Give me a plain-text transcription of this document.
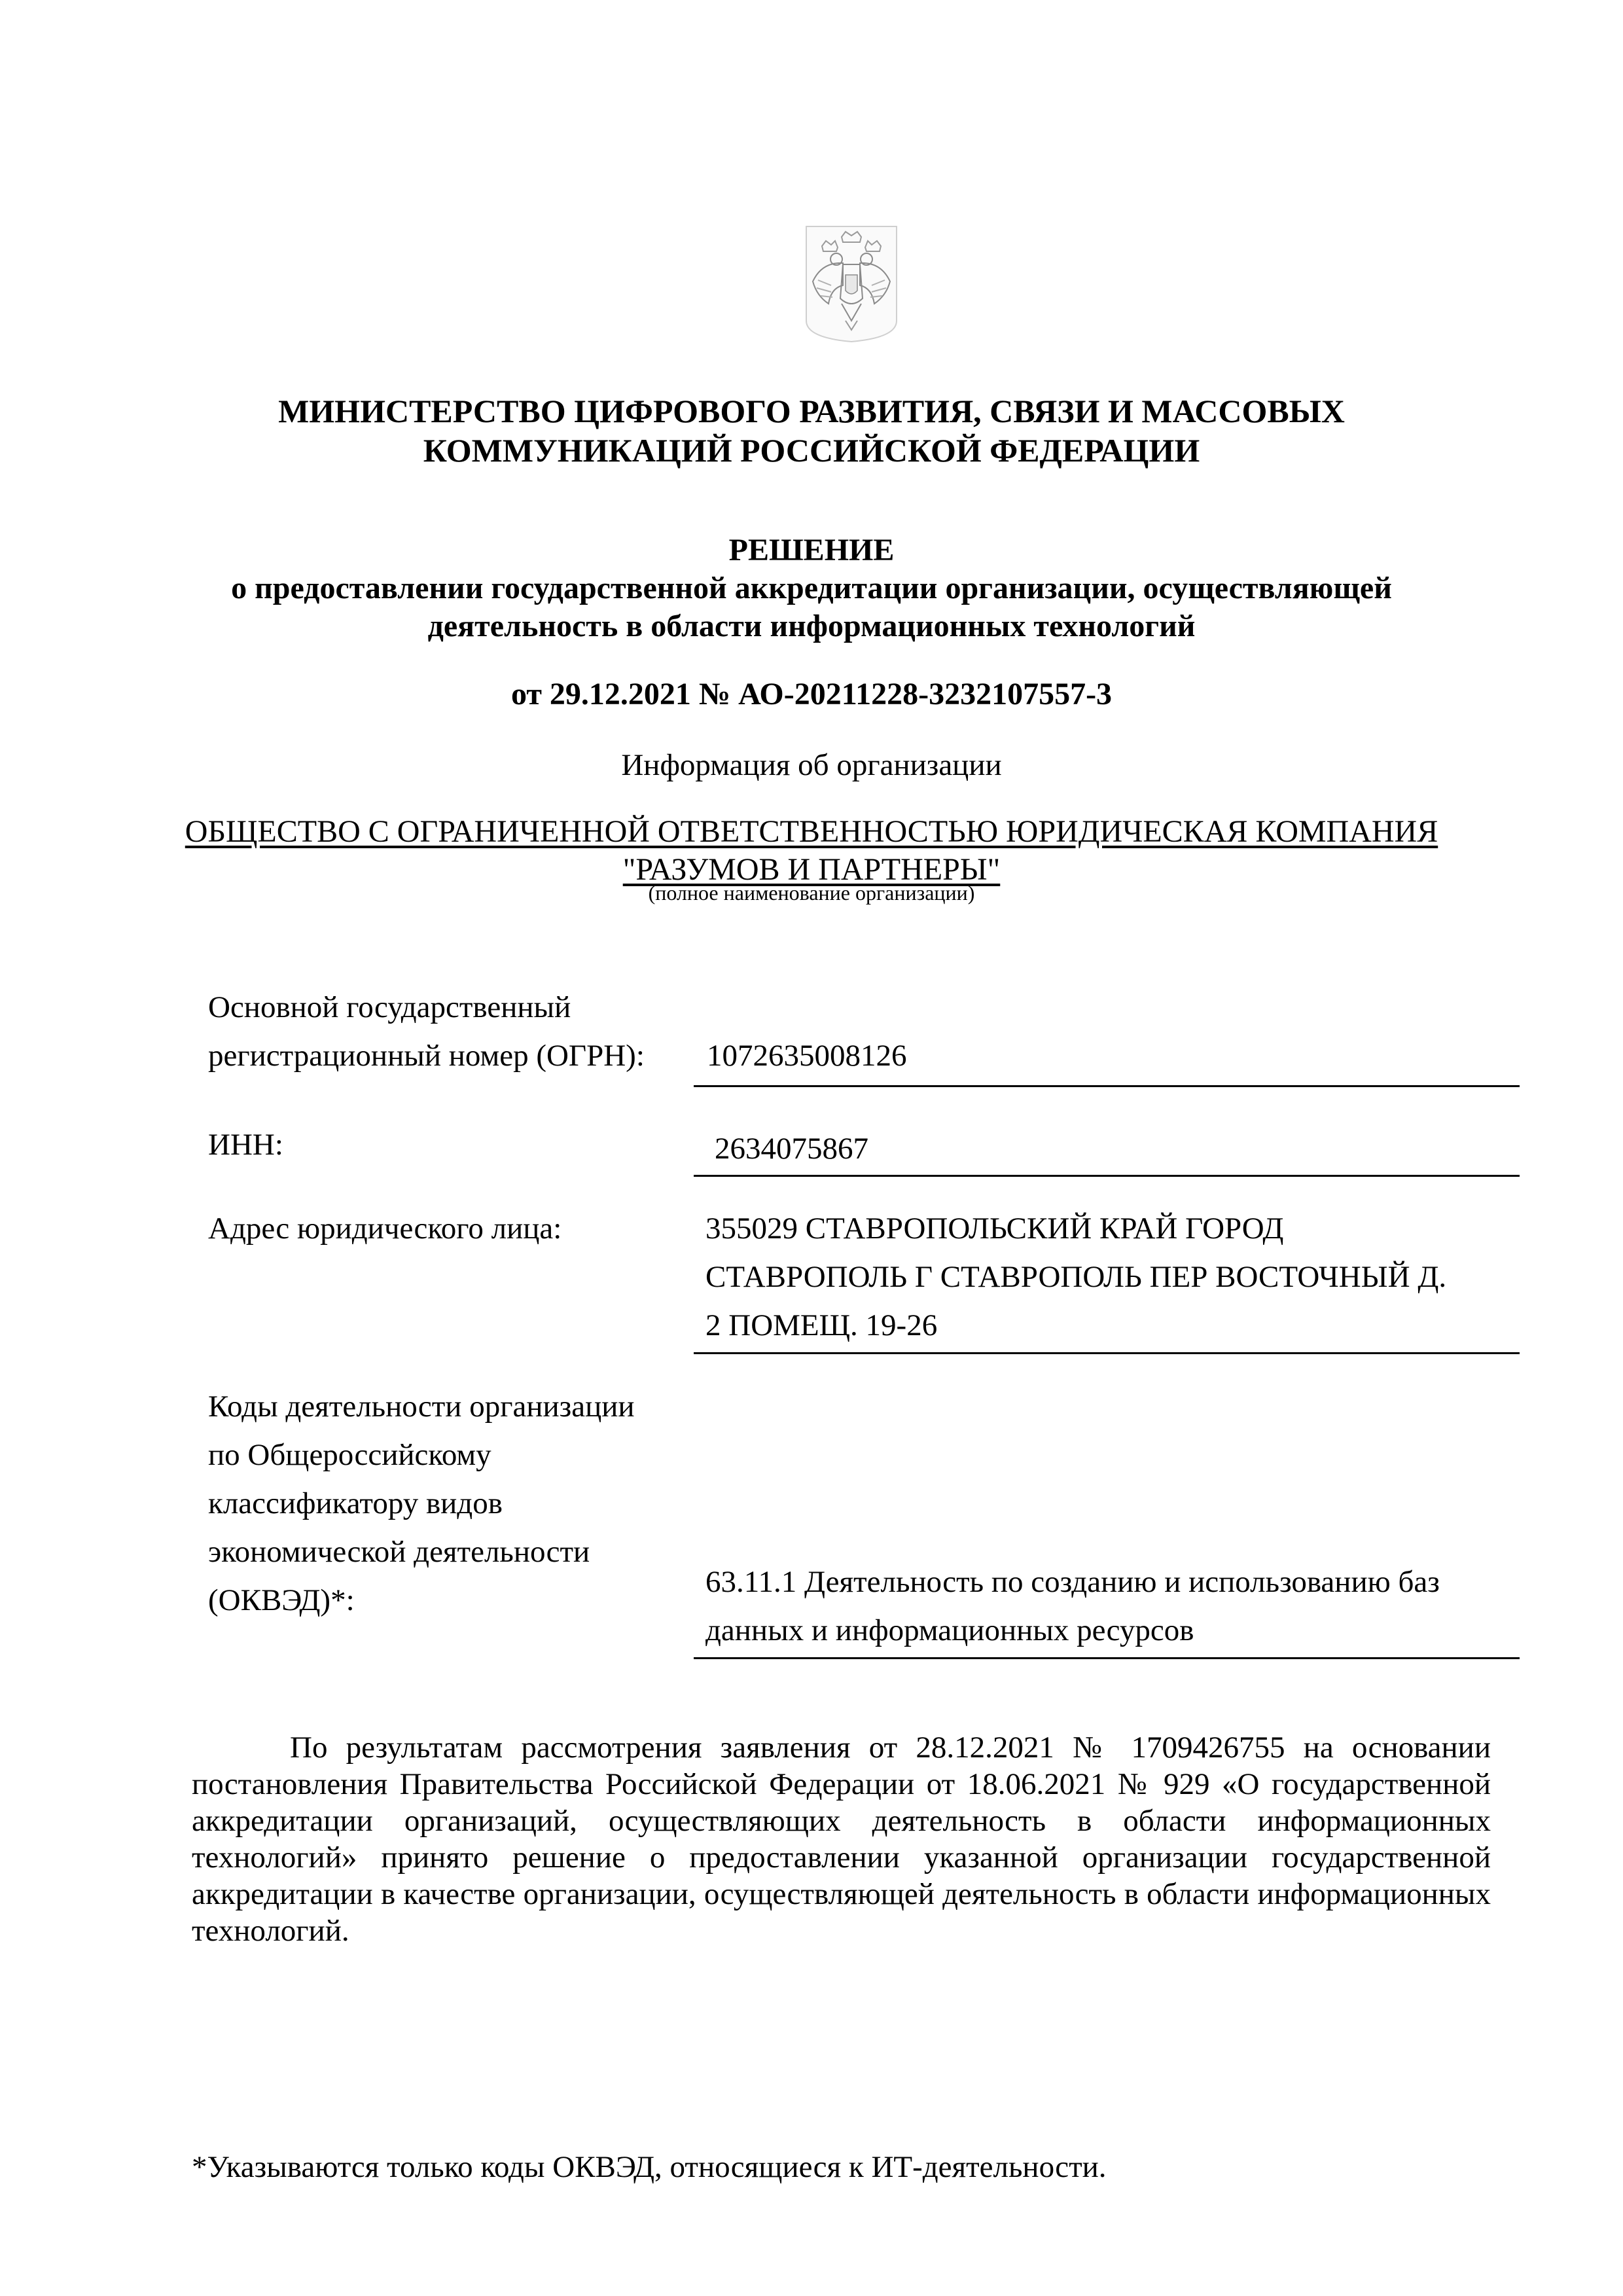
МИНИСТЕРСТВО ЦИФРОВОГО РАЗВИТИЯ, СВЯЗИ И МАССОВЫХ
КОММУНИКАЦИЙ РОССИЙСКОЙ ФЕДЕРАЦИИ
РЕШЕНИЕ
о предоставлении государственной аккредитации организации, осуществляющей
деятельность в области информационных технологий
от 29.12.2021 № АО-20211228-3232107557-3
Информация об организации
ОБЩЕСТВО С ОГРАНИЧЕННОЙ ОТВЕТСТВЕННОСТЬЮ ЮРИДИЧЕСКАЯ КОМПАНИЯ
"РАЗУМОВ И ПАРТНЕРЫ"
(полное наименование организации)
Основной государственный
регистрационный номер (ОГРН): 1072635008126
ИНН:	2634075867
Адрес юридического лица:	355029 СТАВРОПОЛЬСКИЙ КРАЙ ГОРОД
СТАВРОПОЛЬ Г СТАВРОПОЛЬ ПЕР ВОСТОЧНЫЙ Д.
2 ПОМЕЩ. 19-26
Коды деятельности организации
по Общероссийскому
классификатору видов
экономической деятельности
(ОКВЭД)*:
63.11.1 Деятельность по созданию и использованию баз
данных и информационных ресурсов

По результатам рассмотрения заявления от 28.12.2021 № 1709426755 на основании постановления Правительства Российской Федерации от 18.06.2021 № 929 «О государственной аккредитации организаций, осуществляющих деятельность в области информационных технологий» принято решение о предоставлении указанной организации государственной аккредитации в качестве организации, осуществляющей деятельность в области информационных технологий.

*Указываются только коды ОКВЭД, относящиеся к ИТ-деятельности.
